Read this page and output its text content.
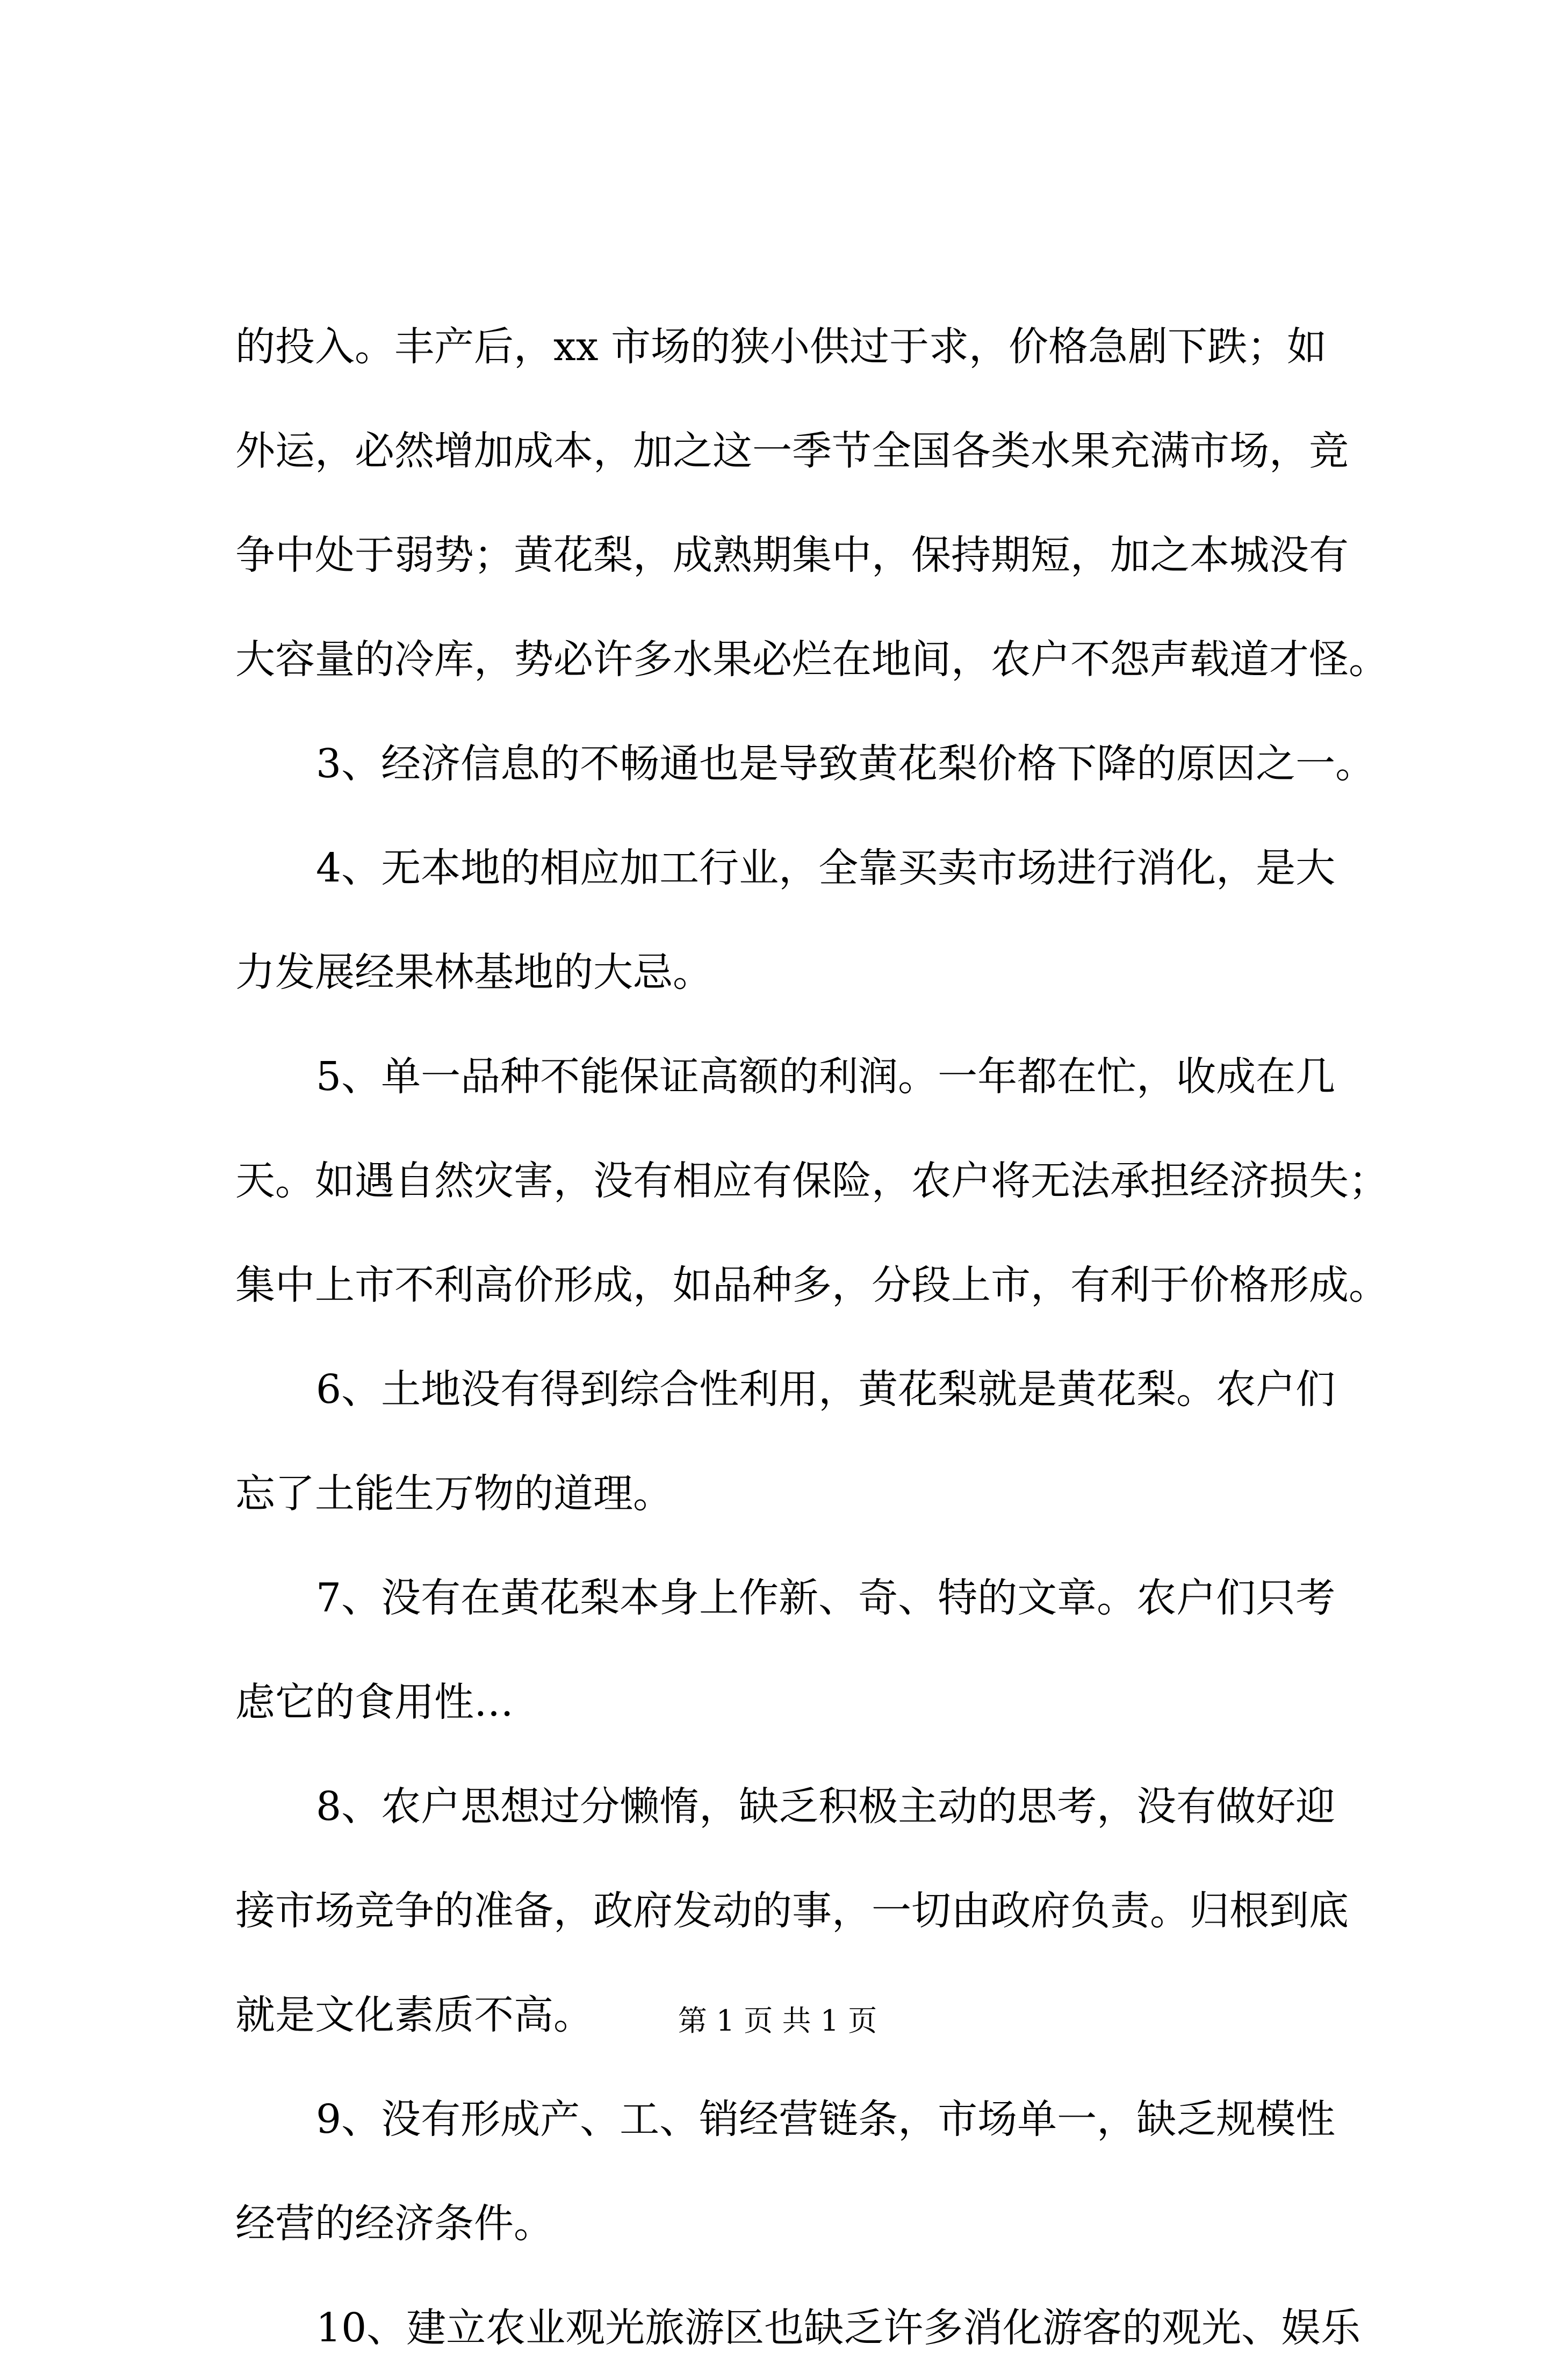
的投入。丰产后，xx 市场的狭小供过于求，价格急剧下跌；如
外运，必然增加成本，加之这一季节全国各类水果充满市场，竞
争中处于弱势；黄花梨，成熟期集中，保持期短，加之本城没有
大容量的冷库，势必许多水果必烂在地间，农户不怨声载道才怪。
3、经济信息的不畅通也是导致黄花梨价格下降的原因之一。
4、无本地的相应加工行业，全靠买卖市场进行消化，是大
力发展经果林基地的大忌。
5、单一品种不能保证高额的利润。一年都在忙，收成在几
天。如遇自然灾害，没有相应有保险，农户将无法承担经济损失；
集中上市不利高价形成，如品种多，分段上市，有利于价格形成。
6、土地没有得到综合性利用，黄花梨就是黄花梨。农户们
忘了土能生万物的道理。
7、没有在黄花梨本身上作新、奇、特的文章。农户们只考
虑它的食用性…
8、农户思想过分懒惰，缺乏积极主动的思考，没有做好迎
接市场竞争的准备，政府发动的事，一切由政府负责。归根到底
就是文化素质不高。
9、没有形成产、工、销经营链条，市场单一，缺乏规模性
经营的经济条件。
10、建立农业观光旅游区也缺乏许多消化游客的观光、娱乐
第 1 页 共 1 页
